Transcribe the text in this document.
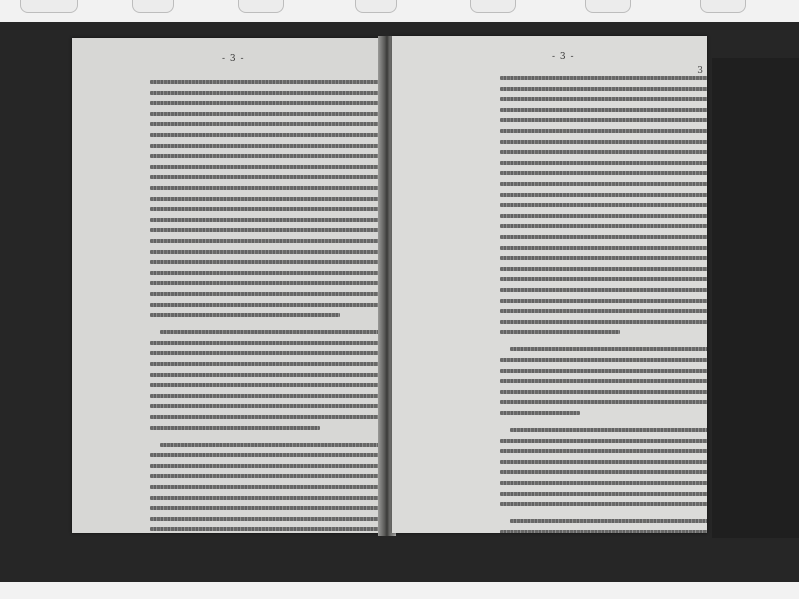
- 3 -	- 3 -
3
